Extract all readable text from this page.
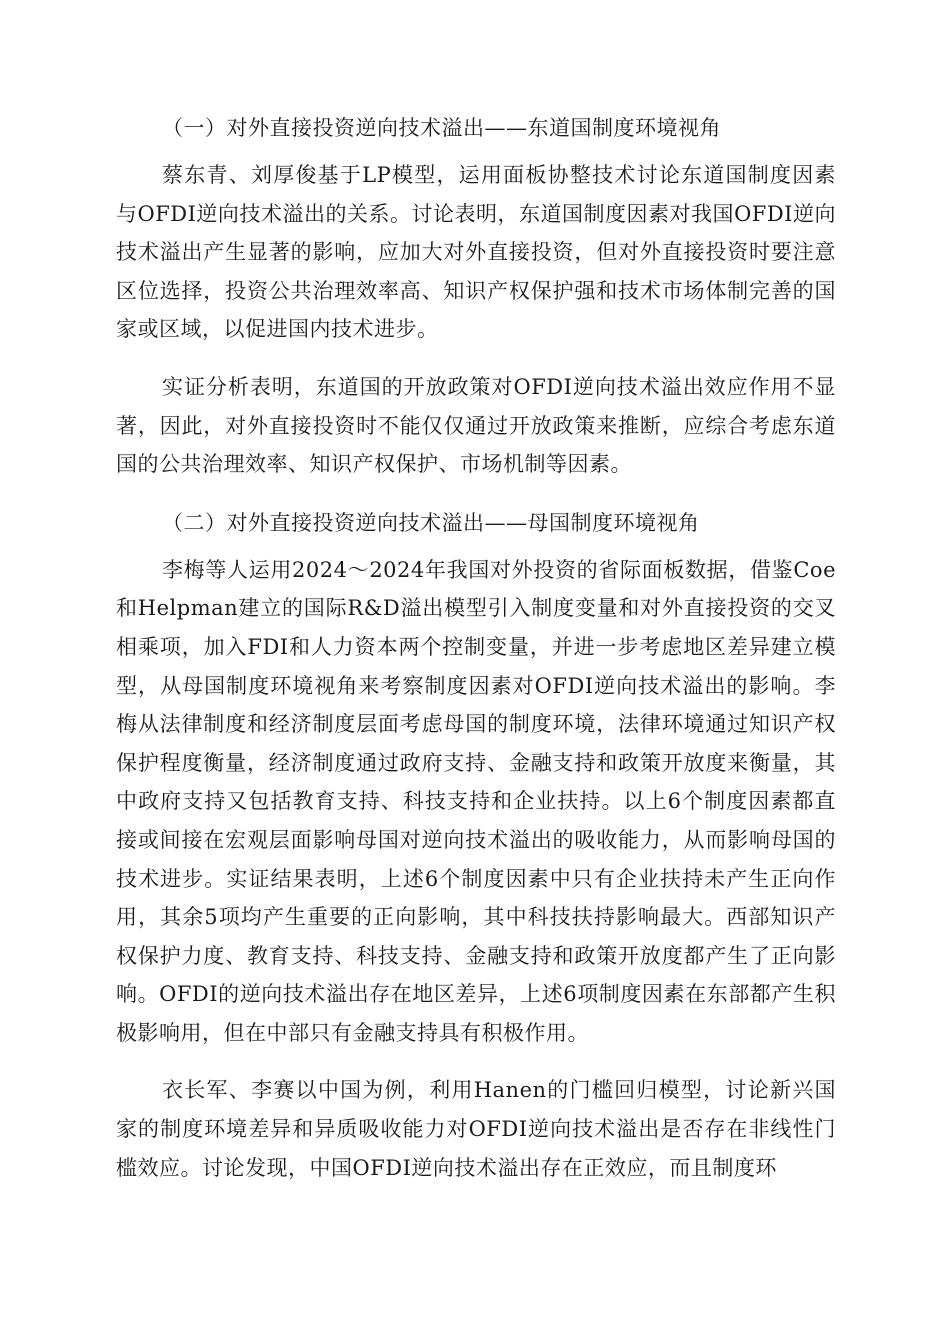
（一）对外直接投资逆向技术溢出——东道国制度环境视角

蔡东青、刘厚俊基于LP模型，运用面板协整技术讨论东道国制度因素与OFDI逆向技术溢出的关系。讨论表明，东道国制度因素对我国OFDI逆向技术溢出产生显著的影响，应加大对外直接投资，但对外直接投资时要注意区位选择，投资公共治理效率高、知识产权保护强和技术市场体制完善的国家或区域，以促进国内技术进步。

实证分析表明，东道国的开放政策对OFDI逆向技术溢出效应作用不显著，因此，对外直接投资时不能仅仅通过开放政策来推断，应综合考虑东道国的公共治理效率、知识产权保护、市场机制等因素。

（二）对外直接投资逆向技术溢出——母国制度环境视角

李梅等人运用2024～2024年我国对外投资的省际面板数据，借鉴Coe和Helpman建立的国际R&D溢出模型引入制度变量和对外直接投资的交叉相乘项，加入FDI和人力资本两个控制变量，并进一步考虑地区差异建立模型，从母国制度环境视角来考察制度因素对OFDI逆向技术溢出的影响。李梅从法律制度和经济制度层面考虑母国的制度环境，法律环境通过知识产权保护程度衡量，经济制度通过政府支持、金融支持和政策开放度来衡量，其中政府支持又包括教育支持、科技支持和企业扶持。以上6个制度因素都直接或间接在宏观层面影响母国对逆向技术溢出的吸收能力，从而影响母国的技术进步。实证结果表明，上述6个制度因素中只有企业扶持未产生正向作用，其余5项均产生重要的正向影响，其中科技扶持影响最大。西部知识产权保护力度、教育支持、科技支持、金融支持和政策开放度都产生了正向影响。OFDI的逆向技术溢出存在地区差异，上述6项制度因素在东部都产生积极影响用，但在中部只有金融支持具有积极作用。

衣长军、李赛以中国为例，利用Hanen的门槛回归模型，讨论新兴国家的制度环境差异和异质吸收能力对OFDI逆向技术溢出是否存在非线性门槛效应。讨论发现，中国OFDI逆向技术溢出存在正效应，而且制度环
